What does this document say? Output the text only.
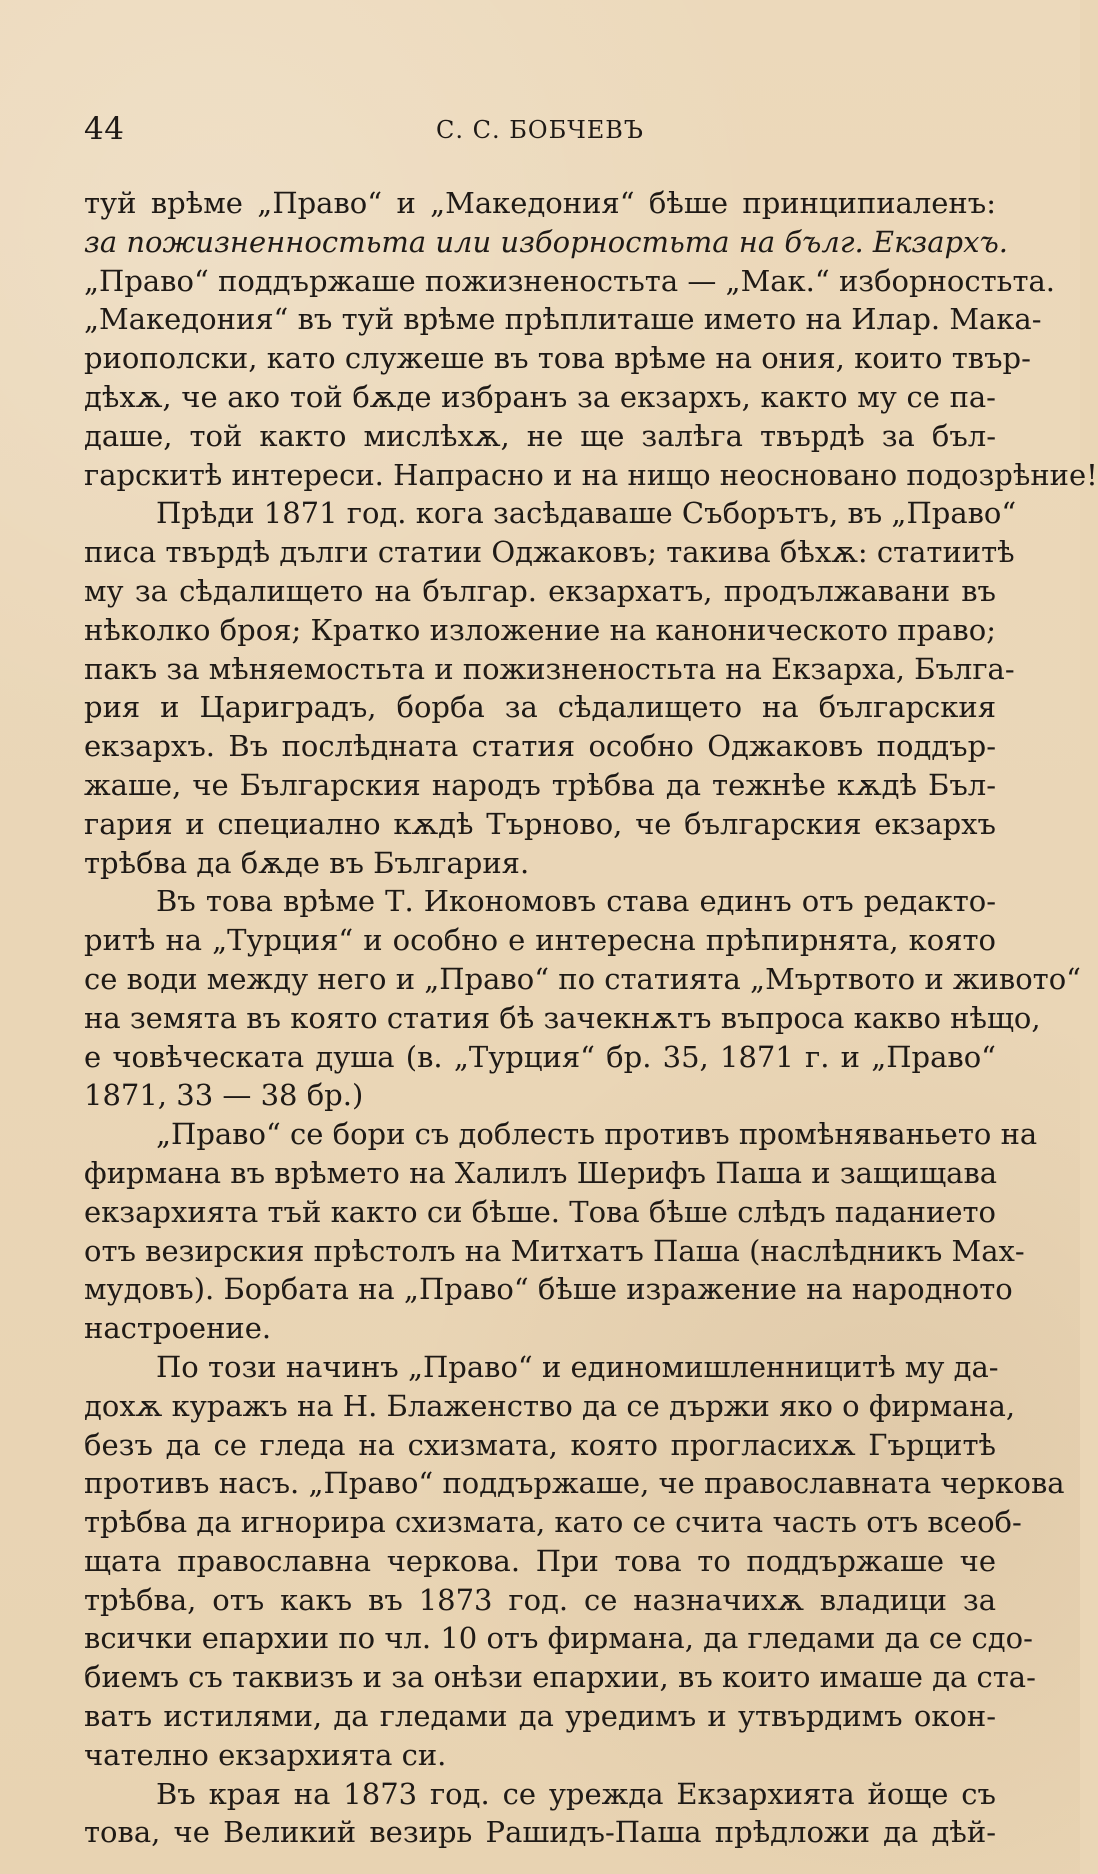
44	С. С. БОБЧЕВЪ
туй врѣме „Право“ и „Македония“ бѣше принципиаленъ:
за пожизненностьта или изборностьта на бълг. Екзархъ.
„Право“ поддържаше пожизненостьта — „Мак.“ изборностьта.
„Македония“ въ туй врѣме прѣплиташе името на Илар. Мака-
риополски, като служеше въ това врѣме на ония, които твър-
дѣхѫ, че ако той бѫде избранъ за екзархъ, както му се па-
даше, той както мислѣхѫ, не ще залѣга твърдѣ за бъл-
гарскитѣ интереси. Напрасно и на нищо неосновано подозрѣние!
Прѣди 1871 год. кога засѣдаваше Съборътъ, въ „Право“
писа твърдѣ дълги статии Оджаковъ; такива бѣхѫ: статиитѣ
му за сѣдалището на българ. екзархатъ, продължавани въ
нѣколко броя; Кратко изложение на каноническото право;
пакъ за мѣняемостьта и пожизненостьта на Екзарха, Бълга-
рия и Цариградъ, борба за сѣдалището на българския
екзархъ. Въ послѣдната статия особно Оджаковъ поддър-
жаше, че Българския народъ трѣбва да тежнѣе кѫдѣ Бъл-
гария и специално кѫдѣ Търново, че българския екзархъ
трѣбва да бѫде въ България.
Въ това врѣме Т. Икономовъ става единъ отъ редакто-
ритѣ на „Турция“ и особно е интересна прѣпирнята, която
се води между него и „Право“ по статията „Мъртвото и живото“
на земята въ която статия бѣ зачекнѫтъ въпроса какво нѣщо,
е човѣческата душа (в. „Турция“ бр. 35, 1871 г. и „Право“
1871, 33 — 38 бр.)
„Право“ се бори съ доблесть противъ промѣняваньето на
фирмана въ врѣмето на Халилъ Шерифъ Паша и защищава
екзархията тъй както си бѣше. Това бѣше слѣдъ паданието
отъ везирския прѣстолъ на Митхатъ Паша (наслѣдникъ Мах-
мудовъ). Борбата на „Право“ бѣше изражение на народното
настроение.
По този начинъ „Право“ и единомишленницитѣ му да-
дохѫ куражъ на Н. Блаженство да се държи яко о фирмана,
безъ да се гледа на схизмата, която прогласихѫ Гърцитѣ
противъ насъ. „Право“ поддържаше, че православната черкова
трѣбва да игнорира схизмата, като се счита часть отъ всеоб-
щата православна черкова. При това то поддържаше че
трѣбва, отъ какъ въ 1873 год. се назначихѫ владици за
всички епархии по чл. 10 отъ фирмана, да гледами да се сдо-
биемъ съ таквизъ и за онѣзи епархии, въ които имаше да ста-
ватъ истилями, да гледами да уредимъ и утвърдимъ окон-
чателно екзархията си.
Въ края на 1873 год. се урежда Екзархията йоще съ
това, че Великий везирь Рашидъ-Паша прѣдложи да дѣй-
